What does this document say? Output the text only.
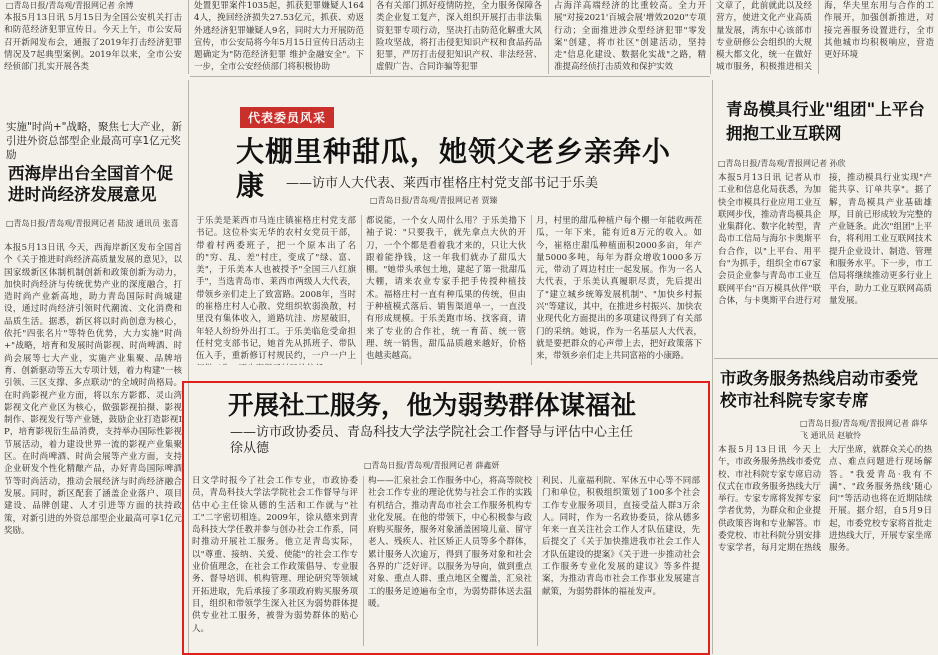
□青岛日报/青岛观/青报网记者 余博
本报5月13日讯 5月15日为全国公安机关打击和防范经济犯罪宣传日。今天上午，市公安局召开新闻发布会，通报了2019年打击经济犯罪情况及7起典型案例。2019年以来，全市公安经侦部门扎实开展各类
处置犯罪案件1035起，抓获犯罪嫌疑人1644人，挽回经济损失27.53亿元，抓获、劝返外逃经济犯罪嫌疑人9名，同时大力开展防范宣传，市公安局将今年5月15日宣传日活动主题确定为"防范经济犯罪 维护金融安全"。下一步，全市公安经侦部门将积极协助
各有关部门抓好疫情防控，全力服务保障各类企业复工复产，深入组织开展打击非法集资犯罪专项行动，坚决打击防范化解重大风险攻坚战，将打击侵犯知识产权和食品药品犯罪，严厉打击侵犯知识产权、非法经营、虚假广告、合同诈骗等犯罪
占海洋高端经济的比重较高。全力开展"对接2021'百城会展'增效2020"专项行动；全面推进涉众型经济犯罪"零发案"创建，将市社区"创建活动，坚持走"信息化建设、数据化实战"之路，精准提高经侦打击质效和保护实效
文章了，此前就此以及经营方，使进文化产业高质量发展，湾东中心该部市专业研修公会组织的大规模大都文化，统一在做好城市服务，积极推进相关
海，华夫里东用与合作的工作展开，加强创新推进，对接完善服务设置进行，全市其他城市均积极响应，营造更好环境
实施"时尚+"战略，聚焦七大产业，新引进外资总部型企业最高可享1亿元奖励
西海岸出台全国首个促进时尚经济发展意见
□青岛日报/青岛观/青报网记者 陆波 通讯员 张喜
本报5月13日讯 今天，西海岸新区发布全国首个《关于推进时尚经济高质量发展的意见》，以国家级新区体制机制创新和政策创新为动力，加快时尚经济与传统优势产业的深度融合，打造时尚产业新高地，助力青岛国际时尚城建设，通过时尚经济引领时代潮流、文化消费和品质生活。据悉，新区将以时尚创意为核心，依托"四张名片"等特色优势，大力实施"时尚+"战略，培育和发展时尚影视、时尚啤酒、时尚会展等七大产业，实施产业集聚、品牌培育、创新驱动等五大专项计划，着力构建"一核引领、三区支撑、多点联动"的全域时尚格局。在时尚影视产业方面，将以东方影都、灵山湾影视文化产业区为核心，做强影视拍摄、影视制作、影视发行等产业链，鼓励企业打造影视IP，培育影视衍生品消费，支持举办国际性影视节展活动，着力建设世界一流的影视产业集聚区。在时尚啤酒、时尚会展等产业方面，支持企业研发个性化精酿产品，办好青岛国际啤酒节等时尚活动，推动会展经济与时尚经济融合发展。同时，新区配套了涵盖企业落户、项目建设、品牌创建、人才引进等方面的扶持政策，对新引进的外资总部型企业最高可享1亿元奖励。
代表委员风采
大棚里种甜瓜，她领父老乡亲奔小康	——访市人大代表、莱西市崔格庄村党支部书记于乐美
□青岛日报/青岛观/青报网记者 贾臻
于乐美是莱西市马连庄镇崔格庄村党支部书记。这位朴实无华的农村女党员干部，带着村两委班子，把一个原本出了名的"穷、乱、差"村庄，变成了"绿、富、美"，于乐美本人也被授予"全国三八红旗手"，当选青岛市、莱西市两级人大代表，带领乡亲们走上了致富路。2008年，当时的崔格庄村人心散、党组织软弱涣散，村里没有集体收入，道路坑洼、房屋破旧，年轻人纷纷外出打工。于乐美临危受命担任村党支部书记，她首先从抓班子、带队伍入手，重新修订村规民约，一户一户上
都说能，一个女人周什么用？于乐美撸下袖子说："只要我干，就先拿点大伙的开刀，一个个都是看着我才来的，只让大伙跟着能挣钱，这一年我们就办了甜瓜大棚。"她带头承包土地，建起了第一批甜瓜大棚，请来农业专家手把手传授种植技术。福格庄村一直有种瓜果的传统，但由于种植模式落后、销售渠道单一，一直没有形成规模。于乐美跑市场、找客商，请来了专业的合作社，统一育苗、统一管理、统一销售，甜瓜品质越来越好，价格也越卖越高。
月，村里的甜瓜种植户每个棚一年能收两茬瓜，一年下来，能有近8万元的收入。如今，崔格庄甜瓜种植面积2000多亩，年产量5000多吨，每年为群众增收1000多万元，带动了周边村庄一起发展。作为一名人大代表，于乐美认真履职尽责，先后提出了"建立城乡统筹发展机制"、"加快乡村振兴"等建议，其中，在推进乡村振兴、加快农业现代化方面提出的多项建议得到了有关部门的采纳。她说，作为一名基层人大代表，就是要把群众的心声带上去，把好政策落下来，带领乡亲们走上共同富裕的小康路。
开展社工服务，他为弱势群体谋福祉
——访市政协委员、青岛科技大学法学院社会工作督导与评估中心主任徐从德
□青岛日报/青岛观/青报网记者 薛鑫妍
日文学时报今了社会工作专业，市政协委员，青岛科技大学法学院社会工作督导与评估中心主任徐从德的生活和工作就与"社工"二字密切相连。2009年，徐从德来到青岛科技大学任教并参与创办社会工作系，同时推动开展社工服务。他立足青岛实际，以"尊重、接纳、关爱、使能"的社会工作专业价值理念，在社会工作政策倡导、专业服务、督导培训、机构管理、理论研究等领域开拓进取，先后承接了多项政府购买服务项目，组织和带领学生深入社区为弱势群体提供专业社工服务，被誉为弱势群体的贴心人。
构——汇泉社会工作服务中心，将高等院校社会工作专业的理论优势与社会工作的实践有机结合，推动青岛市社会工作服务机构专业化发展。在他的带领下，中心积极参与政府购买服务，服务对象涵盖困境儿童、留守老人、残疾人、社区矫正人员等多个群体，累计服务人次逾万，得到了服务对象和社会各界的广泛好评。以服务为导向，做到重点对象、重点人群、重点地区全覆盖，汇泉社工的服务足迹遍布全市，为弱势群体送去温暖。
利民、儿童福利院、军休五中心等不同部门和单位，积极组织策划了100多个社会工作专业服务项目，直接受益人群3万余人。同时，作为一名政协委员，徐从德多年来一直关注社会工作人才队伍建设，先后提交了《关于加快推进我市社会工作人才队伍建设的提案》《关于进一步推动社会工作服务专业化发展的建议》等多件提案，为推动青岛市社会工作事业发展建言献策，为弱势群体的福祉发声。
青岛模具行业"组团"上平台拥抱工业互联网
□青岛日报/青岛观/青报网记者 孙欣
本报5月13日讯 记者从市工业和信息化局获悉，为加快全市模具行业应用工业互联网步伐，推动青岛模具企业集群化、数字化转型，青岛市工信局与海尔卡奥斯平台合作，以"上平台、用平台"为抓手，组织全市67家会员企业参与青岛市工业互联网平台"百万模具伙伴"联合体，与卡奥斯平台进行对接，推动模具行业实现"产能共享、订单共享"。据了解，青岛模具产业基础雄厚，目前已形成较为完整的产业链条。此次"组团"上平台，将利用工业互联网技术提升企业设计、制造、管理和服务水平。下一步，市工信局将继续推动更多行业上平台，助力工业互联网高质量发展。
市政务服务热线启动市委党校市社科院专家专席
□青岛日报/青岛观/青报网记者 薛华飞 通讯员 赵敏怜
本报5月13日讯 今天上午，市政务服务热线市委党校、市社科院专家专席启动仪式在市政务服务热线大厅举行。专家专席将发挥专家学者优势，为群众和企业提供政策咨询和专业解答。市委党校、市社科院分别安排专家学者，每月定期在热线大厅坐席，就群众关心的热点、难点问题进行现场解答。"我爱青岛·我有不满"、"政务服务热线'随心问'"等活动也将在近期陆续开展。据介绍，自5月9日起，市委党校专家将首批走进热线大厅，开展专家坐席服务。
